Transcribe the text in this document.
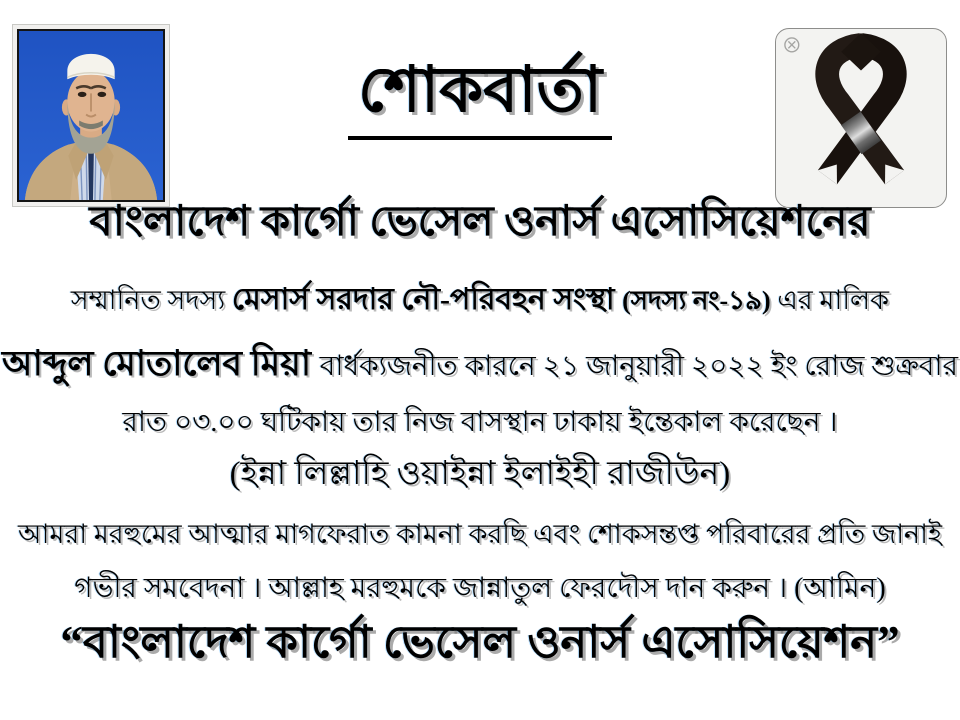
শোকবার্তা
বাংলাদেশ কার্গো ভেসেল ওনার্স এসোসিয়েশনের
সম্মানিত সদস্য মেসার্স সরদার নৌ-পরিবহন সংস্থা (সদস্য নং-১৯) এর মালিক
আব্দুল মোতালেব মিয়া বার্ধক্যজনীত কারনে ২১ জানুয়ারী ২০২২ ইং রোজ শুক্রবার
রাত ০৩.০০ ঘটিকায় তার নিজ বাসস্থান ঢাকায় ইন্তেকাল করেছেন ।
(ইন্না লিল্লাহি ওয়াইন্না ইলাইহী রাজীউন)
আমরা মরহুমের আত্মার মাগফেরাত কামনা করছি এবং শোকসন্তপ্ত পরিবারের প্রতি জানাই
গভীর সমবেদনা । আল্লাহ মরহুমকে জান্নাতুল ফেরদৌস দান করুন । (আমিন)
“বাংলাদেশ কার্গো ভেসেল ওনার্স এসোসিয়েশন”
